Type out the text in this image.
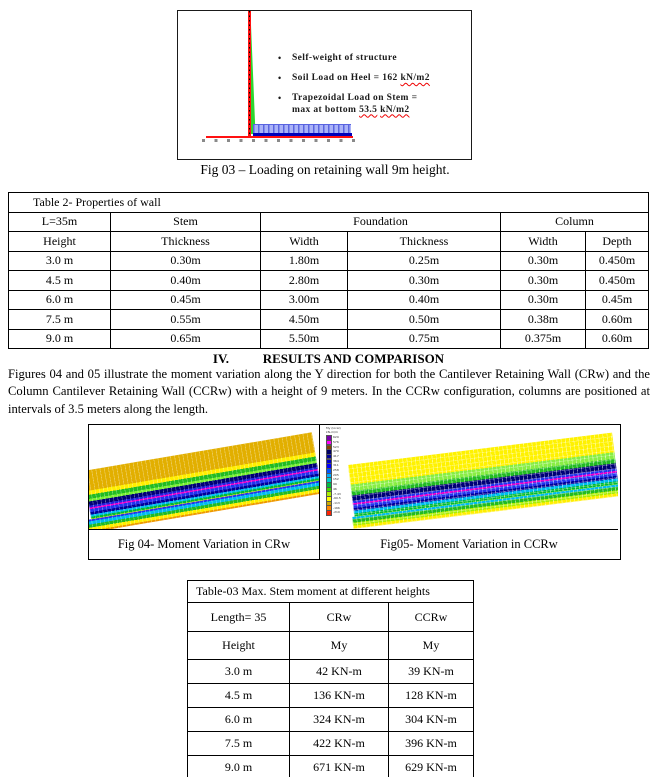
•	Self-weight of structure
•	Soil Load on Heel = 162 kN/m2
•	Trapezoidal Load on Stem =
max at bottom 53.5 kN/m2
Fig 03 – Loading on retaining wall 9m height.
Table 2- Properties of wall					
L=35m	Stem	Foundation		Column	
Height	Thickness	Width	Thickness	Width	Depth
3.0 m	0.30m	1.80m	0.25m	0.30m	0.450m
4.5 m	0.40m	2.80m	0.30m	0.30m	0.450m
6.0 m	0.45m	3.00m	0.40m	0.30m	0.45m
7.5 m	0.55m	4.50m	0.50m	0.38m	0.60m
9.0 m	0.65m	5.50m	0.75m	0.375m	0.60m
IV.	RESULTS AND COMPARISON
Figures 04 and 05 illustrate the moment variation along the Y direction for both the Cantilever Retaining Wall (CRw) and the Column Cantilever Retaining Wall (CCRw) with a height of 9 meters. In the CCRw configuration, columns are positioned at intervals of 3.5 meters along the length.
My (local)
kN-m/m
629
576
523
470
417
364
311
258
205
152
99
46
-7.43
-60.5
-113
-166
-219
Fig 04- Moment Variation in CRw	Fig05- Moment Variation in CCRw
Table-03 Max. Stem moment at different heights		
Length= 35	CRw	CCRw
Height	My	My
3.0 m	42 KN-m	39 KN-m
4.5 m	136 KN-m	128 KN-m
6.0 m	324 KN-m	304 KN-m
7.5 m	422 KN-m	396 KN-m
9.0 m	671 KN-m	629 KN-m
